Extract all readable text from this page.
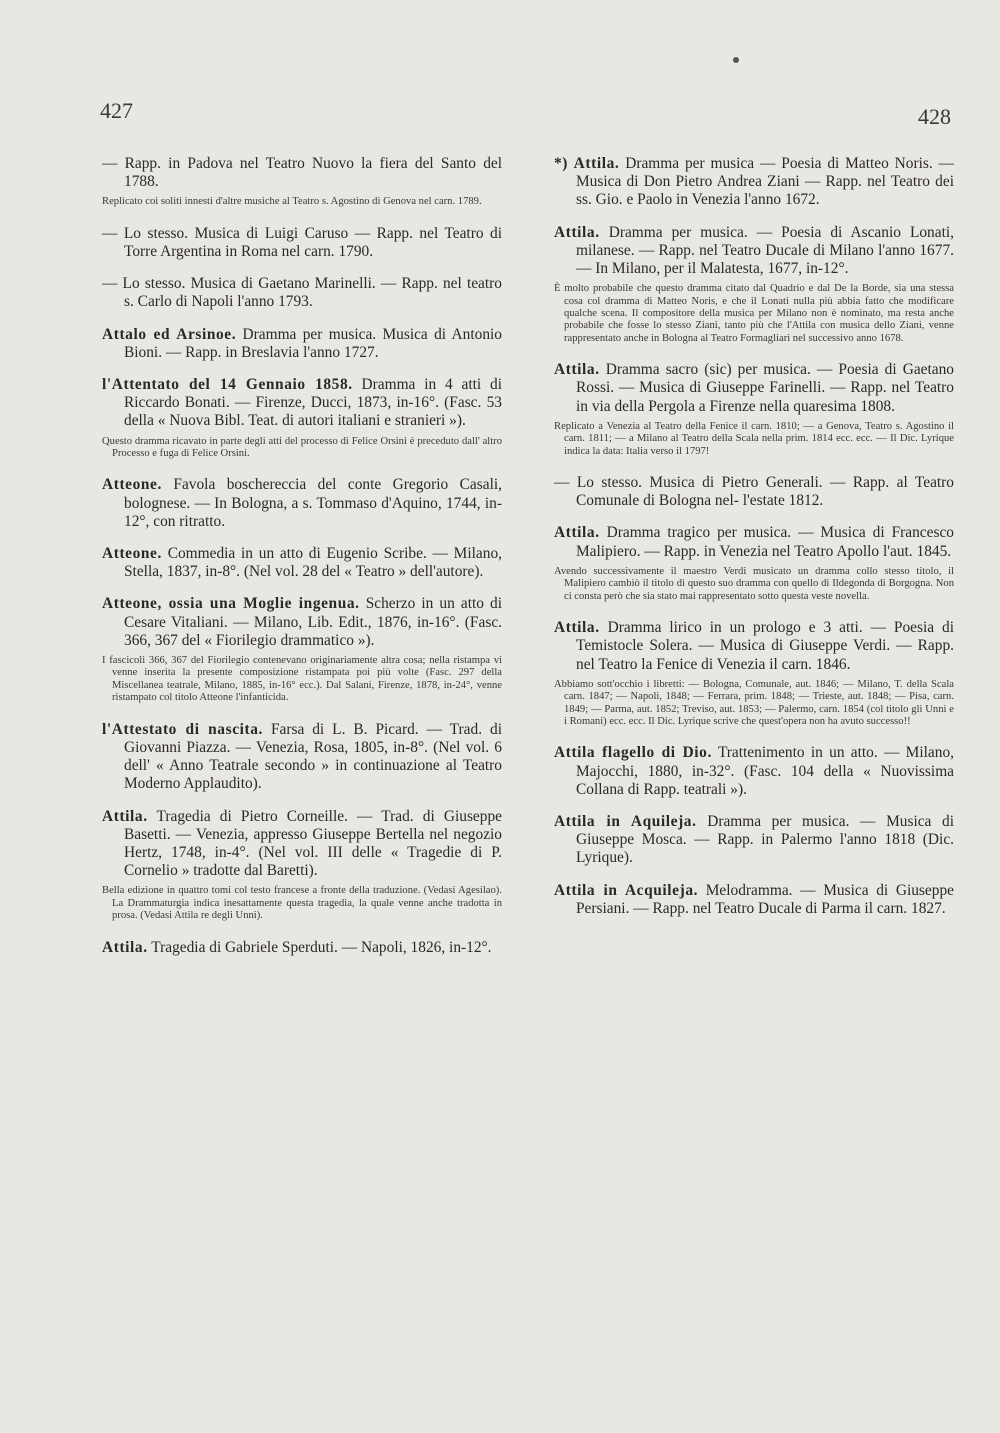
427	428

— Rapp. in Padova nel Teatro Nuovo la fiera del Santo del 1788.

Replicato coi soliti innesti d'altre musiche al Teatro s. Agostino di Genova nel carn. 1789.

— Lo stesso. Musica di Luigi Caruso — Rapp. nel Teatro di Torre Argentina in Roma nel carn. 1790.

— Lo stesso. Musica di Gaetano Marinelli. — Rapp. nel teatro s. Carlo di Napoli l'anno 1793.

Attalo ed Arsinoe. Dramma per musica. Musica di Antonio Bioni. — Rapp. in Breslavia l'anno 1727.

l'Attentato del 14 Gennaio 1858. Dramma in 4 atti di Riccardo Bonati. — Firenze, Ducci, 1873, in-16°. (Fasc. 53 della « Nuova Bibl. Teat. di autori italiani e stranieri »).

Questo dramma ricavato in parte degli atti del processo di Felice Orsini è preceduto dall' altro Processo e fuga di Felice Orsini.

Atteone. Favola boschereccia del conte Gregorio Casali, bolognese. — In Bologna, a s. Tommaso d'Aquino, 1744, in-12°, con ritratto.

Atteone. Commedia in un atto di Eugenio Scribe. — Milano, Stella, 1837, in-8°. (Nel vol. 28 del « Teatro » dell'autore).

Atteone, ossia una Moglie ingenua. Scherzo in un atto di Cesare Vitaliani. — Milano, Lib. Edit., 1876, in-16°. (Fasc. 366, 367 del « Fiorilegio drammatico »).

I fascicoli 366, 367 del Fiorilegio contenevano originariamente altra cosa; nella ristampa vi venne inserita la presente composizione ristampata poi più volte (Fasc. 297 della Miscellanea teatrale, Milano, 1885, in-16° ecc.). Dal Salani, Firenze, 1878, in-24°, venne ristampato col titolo Atteone l'infanticida.

l'Attestato di nascita. Farsa di L. B. Picard. — Trad. di Giovanni Piazza. — Venezia, Rosa, 1805, in-8°. (Nel vol. 6 dell' « Anno Teatrale secondo » in continuazione al Teatro Moderno Applaudito).

Attila. Tragedia di Pietro Corneille. — Trad. di Giuseppe Basetti. — Venezia, appresso Giuseppe Bertella nel negozio Hertz, 1748, in-4°. (Nel vol. III delle « Tragedie di P. Cornelio » tradotte dal Baretti).

Bella edizione in quattro tomi col testo francese a fronte della traduzione. (Vedasi Agesilao). La Drammaturgia indica inesattamente questa tragedia, la quale venne anche tradotta in prosa. (Vedasi Attila re degli Unni).

Attila. Tragedia di Gabriele Sperduti. — Napoli, 1826, in-12°.

*) Attila. Dramma per musica — Poesia di Matteo Noris. — Musica di Don Pietro Andrea Ziani — Rapp. nel Teatro dei ss. Gio. e Paolo in Venezia l'anno 1672.

Attila. Dramma per musica. — Poesia di Ascanio Lonati, milanese. — Rapp. nel Teatro Ducale di Milano l'anno 1677. — In Milano, per il Malatesta, 1677, in-12°.

È molto probabile che questo dramma citato dal Quadrio e dal De la Borde, sia una stessa cosa col dramma di Matteo Noris, e che il Lonati nulla più abbia fatto che modificare qualche scena. Il compositore della musica per Milano non è nominato, ma resta anche probabile che fosse lo stesso Ziani, tanto più che l'Attila con musica dello Ziani, venne rappresentato anche in Bologna al Teatro Formagliari nel successivo anno 1678.

Attila. Dramma sacro (sic) per musica. — Poesia di Gaetano Rossi. — Musica di Giuseppe Farinelli. — Rapp. nel Teatro in via della Pergola a Firenze nella quaresima 1808.

Replicato a Venezia al Teatro della Fenice il carn. 1810; — a Genova, Teatro s. Agostino il carn. 1811; — a Milano al Teatro della Scala nella prim. 1814 ecc. ecc. — Il Dic. Lyrique indica la data: Italia verso il 1797!

— Lo stesso. Musica di Pietro Generali. — Rapp. al Teatro Comunale di Bologna nel- l'estate 1812.

Attila. Dramma tragico per musica. — Musica di Francesco Malipiero. — Rapp. in Venezia nel Teatro Apollo l'aut. 1845.

Avendo successivamente il maestro Verdi musicato un dramma collo stesso titolo, il Malipiero cambiò il titolo di questo suo dramma con quello di Ildegonda di Borgogna. Non ci consta però che sia stato mai rappresentato sotto questa veste novella.

Attila. Dramma lirico in un prologo e 3 atti. — Poesia di Temistocle Solera. — Musica di Giuseppe Verdi. — Rapp. nel Teatro la Fenice di Venezia il carn. 1846.

Abbiamo sott'occhio i libretti: — Bologna, Comunale, aut. 1846; — Milano, T. della Scala carn. 1847; — Napoli, 1848; — Ferrara, prim. 1848; — Trieste, aut. 1848; — Pisa, carn. 1849; — Parma, aut. 1852; Treviso, aut. 1853; — Palermo, carn. 1854 (col titolo gli Unni e i Romani) ecc. ecc. Il Dic. Lyrique scrive che quest'opera non ha avuto successo!!

Attila flagello di Dio. Trattenimento in un atto. — Milano, Majocchi, 1880, in-32°. (Fasc. 104 della « Nuovissima Collana di Rapp. teatrali »).

Attila in Aquileja. Dramma per musica. — Musica di Giuseppe Mosca. — Rapp. in Palermo l'anno 1818 (Dic. Lyrique).

Attila in Acquileja. Melodramma. — Musica di Giuseppe Persiani. — Rapp. nel Teatro Ducale di Parma il carn. 1827.
